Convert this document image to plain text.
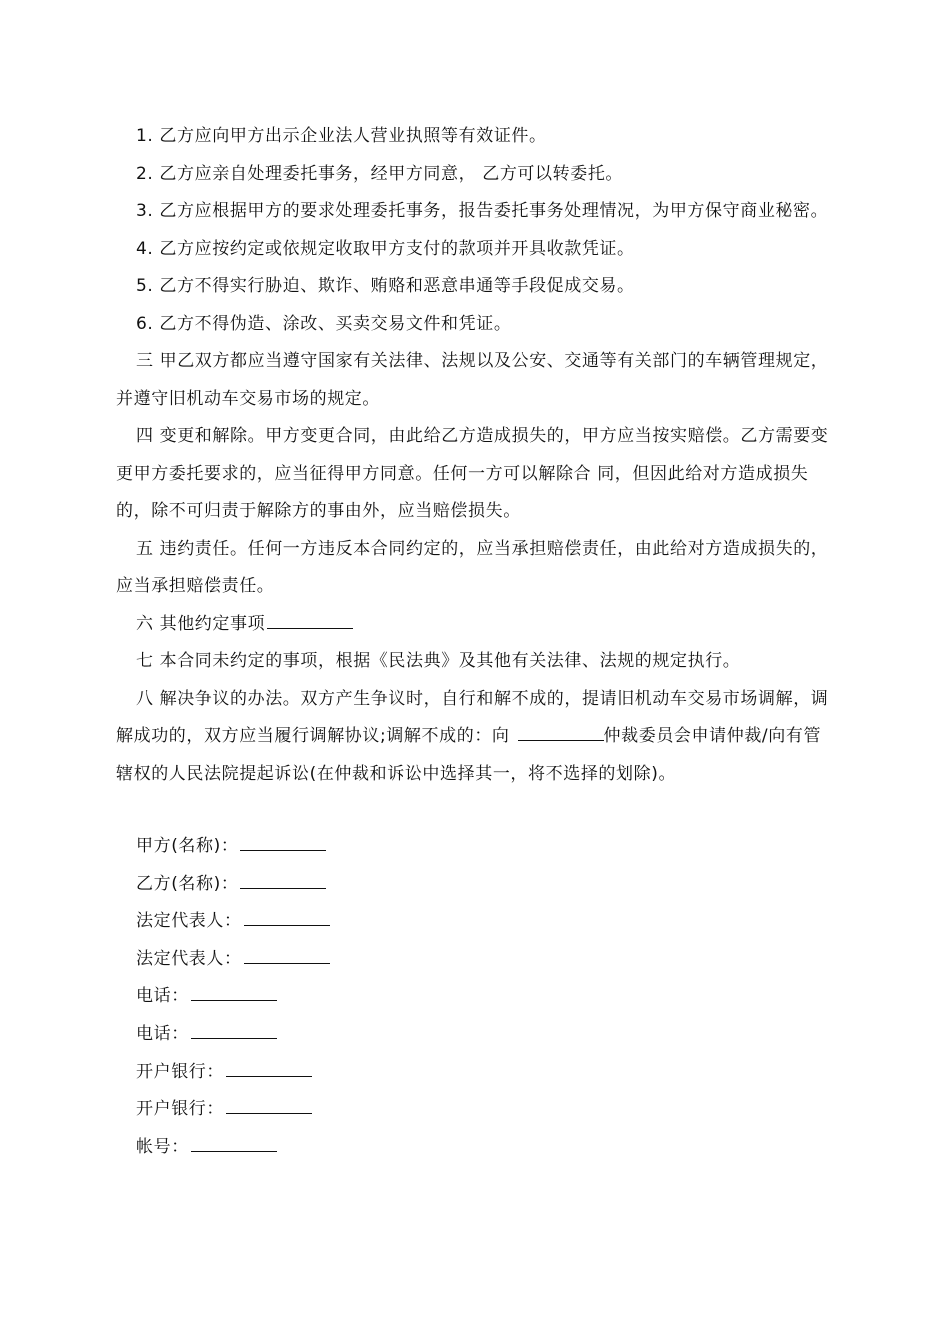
1. 乙方应向甲方出示企业法人营业执照等有效证件。

2. 乙方应亲自处理委托事务，经甲方同意， 乙方可以转委托。

3. 乙方应根据甲方的要求处理委托事务，报告委托事务处理情况，为甲方保守商业秘密。

4. 乙方应按约定或依规定收取甲方支付的款项并开具收款凭证。

5. 乙方不得实行胁迫、欺诈、贿赂和恶意串通等手段促成交易。

6. 乙方不得伪造、涂改、买卖交易文件和凭证。

三 甲乙双方都应当遵守国家有关法律、法规以及公安、交通等有关部门的车辆管理规定，并遵守旧机动车交易市场的规定。

四 变更和解除。甲方变更合同，由此给乙方造成损失的，甲方应当按实赔偿。乙方需要变更甲方委托要求的，应当征得甲方同意。任何一方可以解除合 同，但因此给对方造成损失的，除不可归责于解除方的事由外，应当赔偿损失。

五 违约责任。任何一方违反本合同约定的，应当承担赔偿责任，由此给对方造成损失的，应当承担赔偿责任。

六 其他约定事项

七 本合同未约定的事项，根据《民法典》及其他有关法律、法规的规定执行。

八 解决争议的办法。双方产生争议时，自行和解不成的，提请旧机动车交易市场调解，调解成功的，双方应当履行调解协议;调解不成的：向	仲裁委员会申请仲裁/向有管辖权的人民法院提起诉讼(在仲裁和诉讼中选择其一，将不选择的划除)。

甲方(名称)：

乙方(名称)：

法定代表人：

法定代表人：

电话：

电话：

开户银行：

开户银行：

帐号：
